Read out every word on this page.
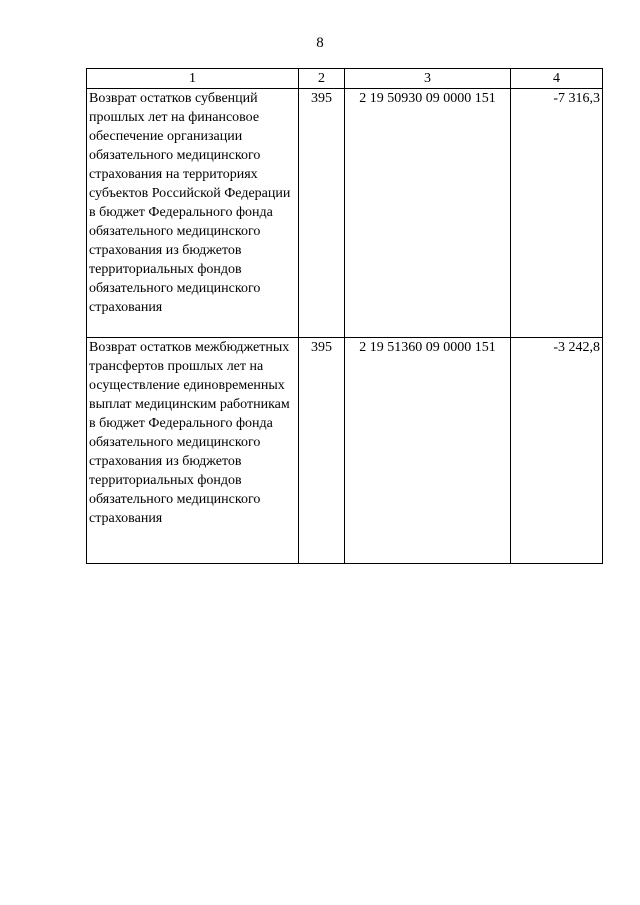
8
1	2	3	4
Возврат остатков субвенций прошлых лет на финансовое обеспечение организации обязательного медицинского страхования на территориях субъектов Российской Федерации в бюджет Федерального фонда обязательного медицинского страхования из бюджетов территориальных фондов обязательного медицинского страхования	395	2 19 50930 09 0000 151	-7 316,3
Возврат остатков межбюджетных трансфертов прошлых лет на осуществление единовременных выплат медицинским работникам в бюджет Федерального фонда обязательного медицинского страхования из бюджетов территориальных фондов обязательного медицинского страхования	395	2 19 51360 09 0000 151	-3 242,8
